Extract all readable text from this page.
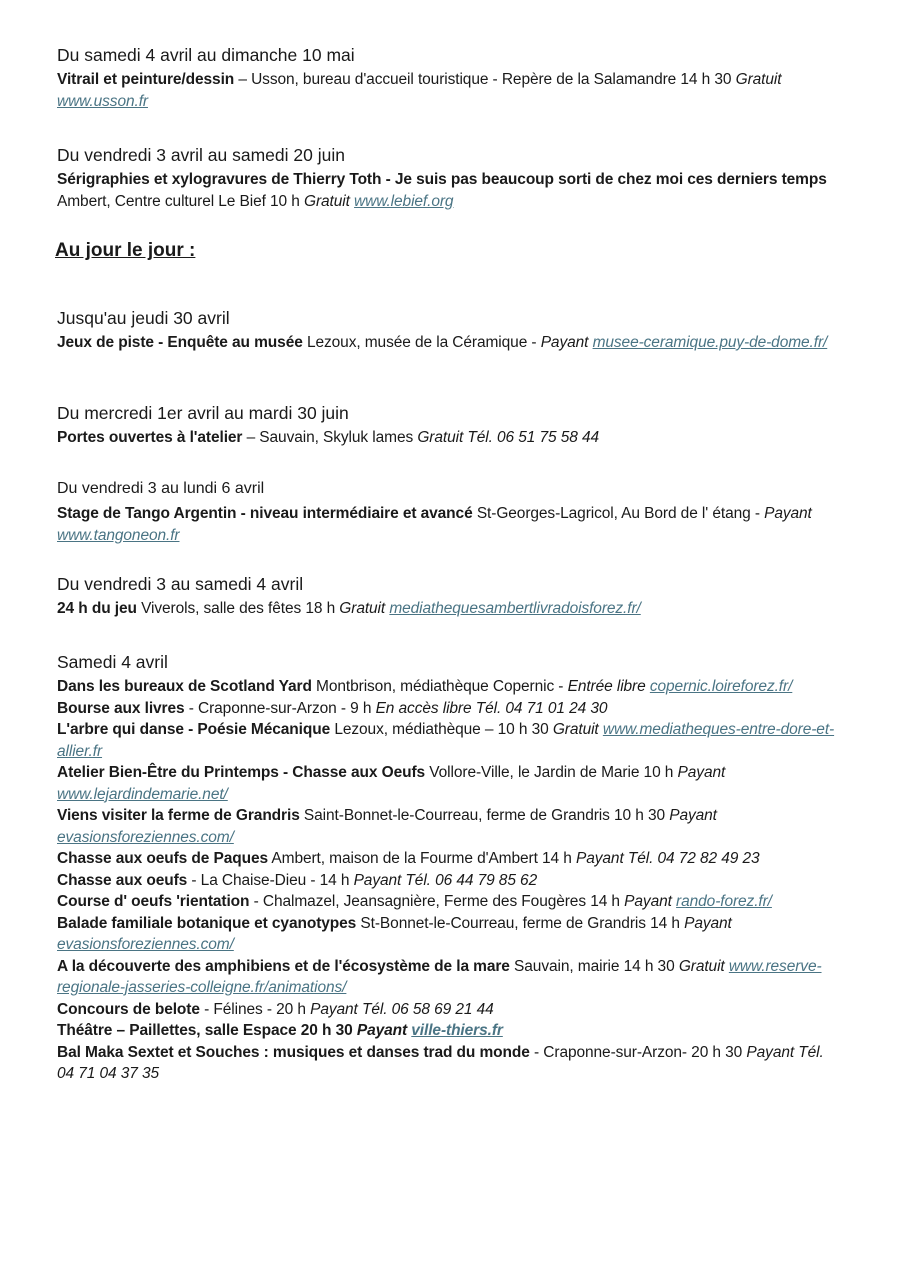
Au jour le jour :
Du samedi 4 avril au dimanche 10 mai
Vitrail et peinture/dessin – Usson, bureau d'accueil touristique - Repère de la Salamandre 14 h 30 Gratuit www.usson.fr
Du vendredi 3 avril au samedi 20 juin
Sérigraphies et xylogravures de Thierry Toth - Je suis pas beaucoup sorti de chez moi ces derniers temps Ambert, Centre culturel Le Bief 10 h Gratuit www.lebief.org
Jusqu'au jeudi 30 avril
Jeux de piste - Enquête au musée Lezoux, musée de la Céramique - Payant musee-ceramique.puy-de-dome.fr/
Du mercredi 1er avril au mardi 30 juin
Portes ouvertes à l'atelier – Sauvain, Skyluk lames Gratuit Tél. 06 51 75 58 44
Du vendredi 3 au lundi 6 avril
Stage de Tango Argentin - niveau intermédiaire et avancé St-Georges-Lagricol, Au Bord de l' étang - Payant www.tangoneon.fr
Du vendredi 3 au samedi 4 avril
24 h du jeu Viverols, salle des fêtes 18 h Gratuit mediathequesambertlivradoisforez.fr/
Samedi 4 avril
Dans les bureaux de Scotland Yard Montbrison, médiathèque Copernic - Entrée libre copernic.loireforez.fr/
Bourse aux livres - Craponne-sur-Arzon - 9 h En accès libre Tél. 04 71 01 24 30
L'arbre qui danse - Poésie Mécanique Lezoux, médiathèque – 10 h 30 Gratuit www.mediatheques-entre-dore-et-allier.fr
Atelier Bien-Être du Printemps - Chasse aux Oeufs Vollore-Ville, le Jardin de Marie 10 h Payant www.lejardindemarie.net/
Viens visiter la ferme de Grandris Saint-Bonnet-le-Courreau, ferme de Grandris 10 h 30 Payant evasionsforeziennes.com/
Chasse aux oeufs de Paques Ambert, maison de la Fourme d'Ambert 14 h Payant Tél. 04 72 82 49 23
Chasse aux oeufs - La Chaise-Dieu - 14 h Payant Tél. 06 44 79 85 62
Course d' oeufs 'rientation - Chalmazel, Jeansagnière, Ferme des Fougères 14 h Payant rando-forez.fr/
Balade familiale botanique et cyanotypes St-Bonnet-le-Courreau, ferme de Grandris 14 h Payant evasionsforeziennes.com/
A la découverte des amphibiens et de l'écosystème de la mare Sauvain, mairie 14 h 30 Gratuit www.reserve-regionale-jasseries-colleigne.fr/animations/
Concours de belote - Félines - 20 h Payant Tél. 06 58 69 21 44
Théâtre – Paillettes, salle Espace 20 h 30 Payant ville-thiers.fr
Bal Maka Sextet et Souches : musiques et danses trad du monde - Craponne-sur-Arzon- 20 h 30 Payant Tél. 04 71 04 37 35
